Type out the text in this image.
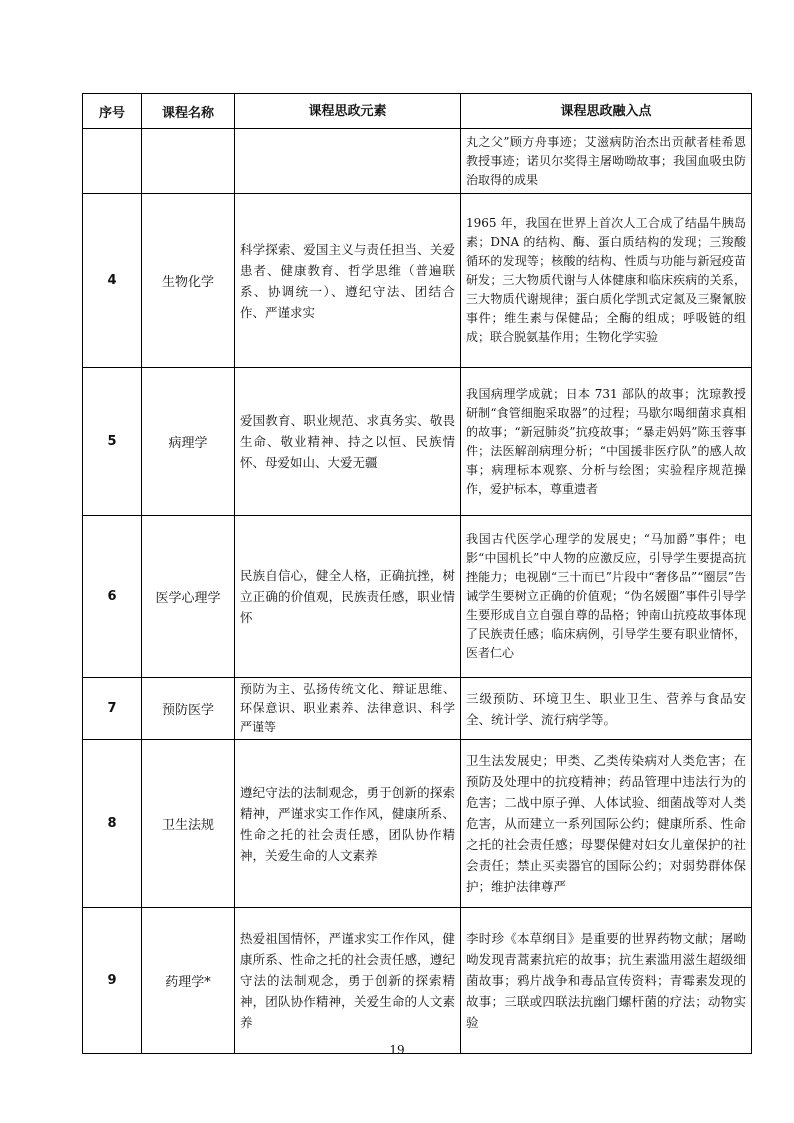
序号	课程名称	课程思政元素	课程思政融入点
			丸之父”顾方舟事迹；艾滋病防治杰出贡献者桂希恩教授事迹；诺贝尔奖得主屠呦呦故事；我国血吸虫防治取得的成果
4	生物化学	科学探索、爱国主义与责任担当、关爱患者、健康教育、哲学思维（普遍联系、协调统一）、遵纪守法、团结合作、严谨求实	1965 年，我国在世界上首次人工合成了结晶牛胰岛素；DNA 的结构、酶、蛋白质结构的发现；三羧酸循环的发现等；核酸的结构、性质与功能与新冠疫苗研发；三大物质代谢与人体健康和临床疾病的关系，三大物质代谢规律；蛋白质化学凯式定氮及三聚氰胺事件；维生素与保健品；全酶的组成；呼吸链的组成；联合脱氨基作用；生物化学实验
5	病理学	爱国教育、职业规范、求真务实、敬畏生命、敬业精神、持之以恒、民族情怀、母爱如山、大爱无疆	我国病理学成就；日本 731 部队的故事；沈琼教授研制“食管细胞采取器”的过程；马歇尔喝细菌求真相的故事；“新冠肺炎”抗疫故事；“暴走妈妈”陈玉蓉事件；法医解剖病理分析；“中国援非医疗队”的感人故事；病理标本观察、分析与绘图；实验程序规范操作，爱护标本，尊重遗者
6	医学心理学	民族自信心，健全人格，正确抗挫，树立正确的价值观，民族责任感，职业情怀	我国古代医学心理学的发展史；“马加爵”事件；电影“中国机长”中人物的应激反应，引导学生要提高抗挫能力；电视剧“三十而已”片段中“奢侈品”“圈层”告诫学生要树立正确的价值观；“伪名媛圈”事件引导学生要形成自立自强自尊的品格；钟南山抗疫故事体现了民族责任感；临床病例，引导学生要有职业情怀，医者仁心
7	预防医学	预防为主、弘扬传统文化、辩证思维、环保意识、职业素养、法律意识、科学严谨等	三级预防、环境卫生、职业卫生、营养与食品安全、统计学、流行病学等。
8	卫生法规	遵纪守法的法制观念，勇于创新的探索精神，严谨求实工作作风，健康所系、性命之托的社会责任感，团队协作精神，关爱生命的人文素养	卫生法发展史；甲类、乙类传染病对人类危害；在预防及处理中的抗疫精神；药品管理中违法行为的危害；二战中原子弹、人体试验、细菌战等对人类危害，从而建立一系列国际公约；健康所系、性命之托的社会责任感；母婴保健对妇女儿童保护的社会责任；禁止买卖器官的国际公约；对弱势群体保护；维护法律尊严
9	药理学*	热爱祖国情怀，严谨求实工作作风，健康所系、性命之托的社会责任感，遵纪守法的法制观念，勇于创新的探索精神，团队协作精神，关爱生命的人文素养	李时珍《本草纲目》是重要的世界药物文献；屠呦呦发现青蒿素抗疟的故事；抗生素滥用滋生超级细菌故事；鸦片战争和毒品宣传资料；青霉素发现的故事；三联或四联法抗幽门螺杆菌的疗法；动物实验
19
